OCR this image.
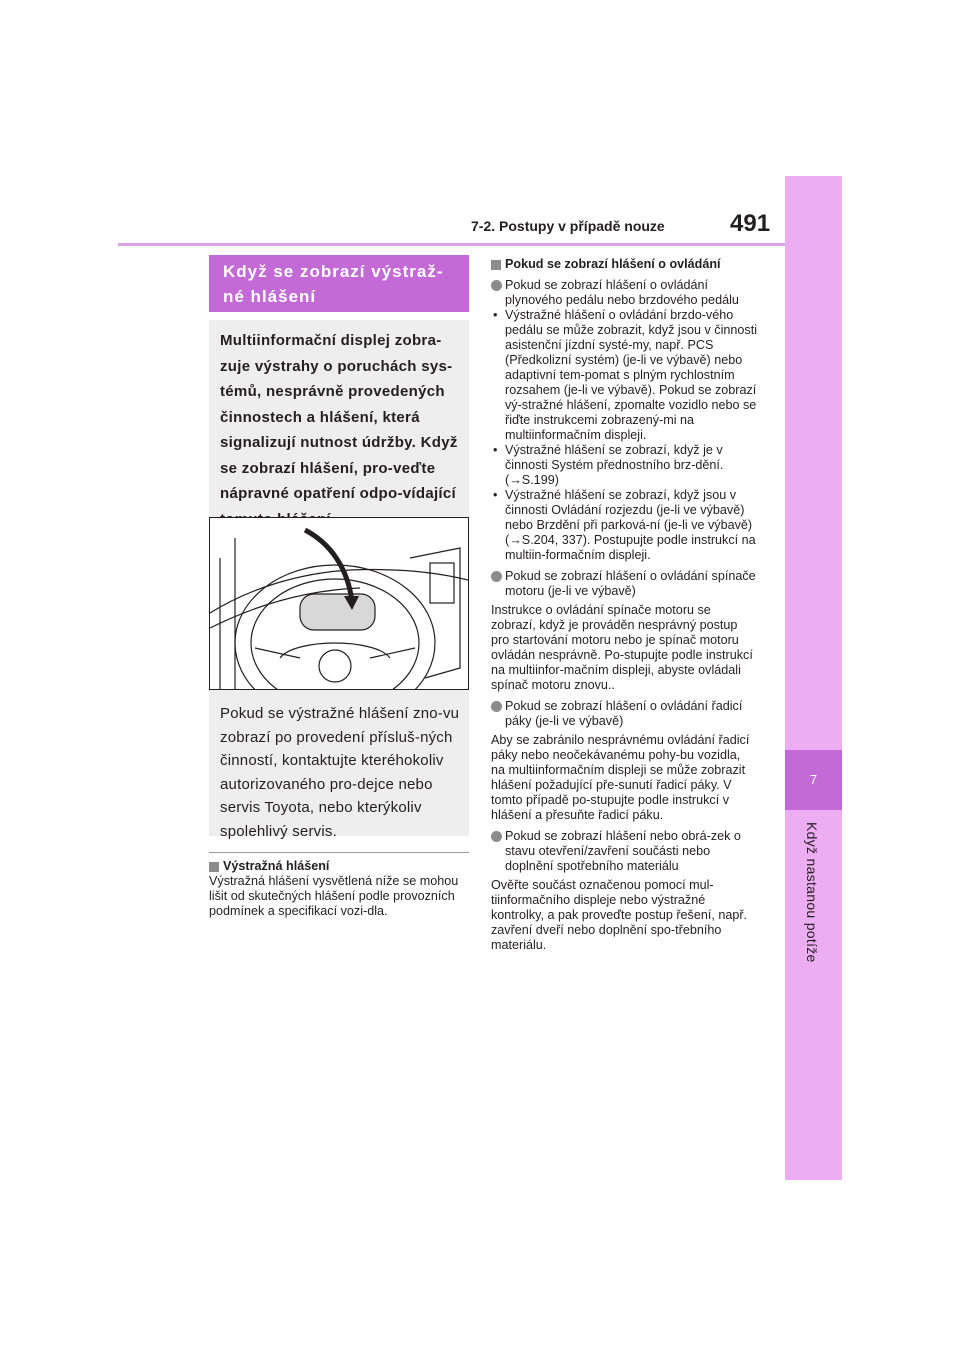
7-2. Postupy v případě nouze	491
7
Když nastanou potíže
Když se zobrazí výstraž-né hlášení
Multiinformační displej zobra-zuje výstrahy o poruchách sys-témů, nesprávně provedených činnostech a hlášení, která signalizují nutnost údržby. Když se zobrazí hlášení, pro-veďte nápravné opatření odpo-vídající
Pokud se výstražné hlášení zno-vu zobrazí po provedení přísluš-ných činností, kontaktujte kteréhokoliv autorizovaného pro-dejce nebo servis Toyota, nebo kterýkoliv spolehlivý servis.
Výstražná hlášení

Výstražná hlášení vysvětlená níže se mohou lišit od skutečných hlášení podle provozních podmínek a specifikací vozi-dla.

Pokud se zobrazí hlášení o ovládání
Pokud se zobrazí hlášení o ovládání plynového pedálu nebo brzdového pedálu
• Výstražné hlášení o ovládání brzdo-vého pedálu se může zobrazit, když jsou v činnosti asistenční jízdní systé-my, např. PCS (Předkolizní systém) (je-li ve výbavě) nebo adaptivní tem-pomat s plným rychlostním rozsahem (je-li ve výbavě). Pokud se zobrazí vý-stražné hlášení, zpomalte vozidlo nebo se řiďte instrukcemi zobrazený-mi na multiinformačním displeji.
• Výstražné hlášení se zobrazí, když je v činnosti Systém přednostního brz-dění. (→S.199)
• Výstražné hlášení se zobrazí, když jsou v činnosti Ovládání rozjezdu (je-li ve výbavě) nebo Brzdění při parková-ní (je-li ve výbavě) (→S.204, 337). Postupujte podle instrukcí na multiin-formačním displeji.
Pokud se zobrazí hlášení o ovládání spínače motoru (je-li ve výbavě)

Instrukce o ovládání spínače motoru se zobrazí, když je prováděn nesprávný postup pro startování motoru nebo je spínač motoru ovládán nesprávně. Po-stupujte podle instrukcí na multiinfor-mačním displeji, abyste ovládali spínač motoru znovu..

Pokud se zobrazí hlášení o ovládání řadicí páky (je-li ve výbavě)

Aby se zabránilo nesprávnému ovládání řadicí páky nebo neočekávanému pohy-bu vozidla, na multiinformačním displeji se může zobrazit hlášení požadující pře-sunutí řadicí páky. V tomto případě po-stupujte podle instrukcí v hlášení a přesuňte řadicí páku.

Pokud se zobrazí hlášení nebo obrá-zek o stavu otevření/zavření součásti nebo doplnění spotřebního materiálu

Ověřte součást označenou pomocí mul-tiinformačního displeje nebo výstražné kontrolky, a pak proveďte postup řešení, např. zavření dveří nebo doplnění spo-třebního materiálu.
